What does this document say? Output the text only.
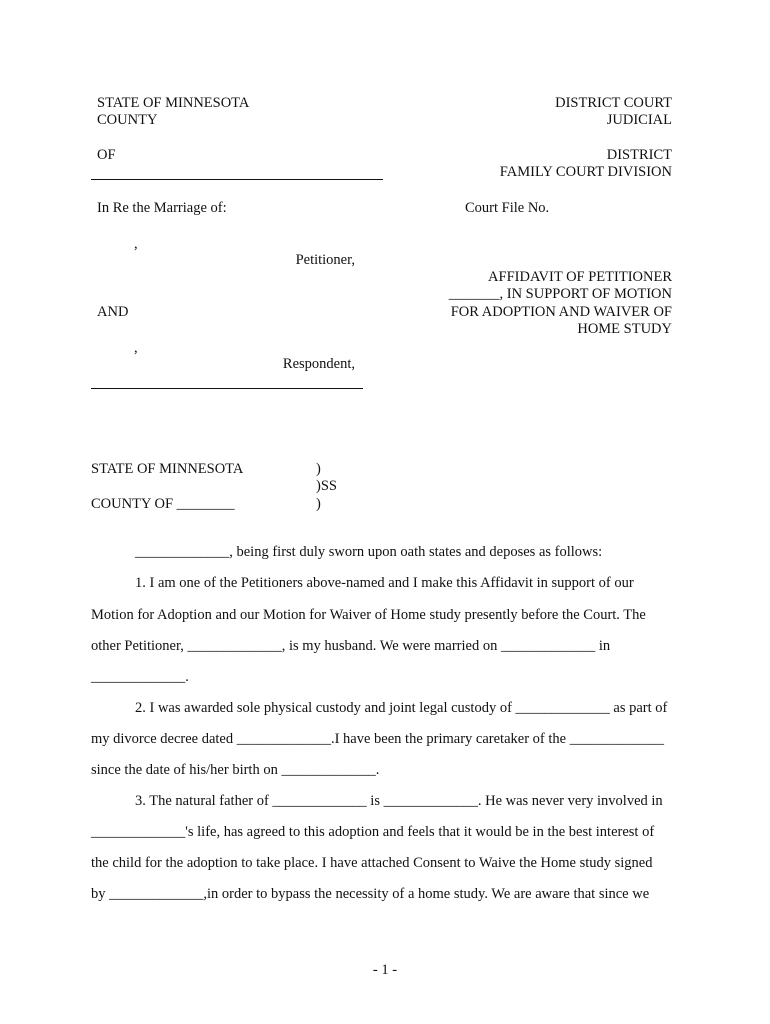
STATE OF MINNESOTA
COUNTY
OF
DISTRICT COURT
JUDICIAL
DISTRICT
FAMILY COURT DIVISION
In Re the Marriage of:	Court File No.
,
Petitioner,
AFFIDAVIT OF PETITIONER
_______, IN SUPPORT OF MOTION
FOR ADOPTION AND WAIVER OF
HOME STUDY
AND
,
Respondent,
STATE OF MINNESOTA
COUNTY OF ________
)
)SS
)
_____________, being first duly sworn upon oath states and deposes as follows:
1. I am one of the Petitioners above-named and I make this Affidavit in support of our
Motion for Adoption and our Motion for Waiver of Home study presently before the Court. The
other Petitioner, _____________, is my husband. We were married on _____________ in
_____________.
2. I was awarded sole physical custody and joint legal custody of _____________ as part of
my divorce decree dated _____________.I have been the primary caretaker of the _____________
since the date of his/her birth on _____________.
3. The natural father of _____________ is _____________. He was never very involved in
_____________'s life, has agreed to this adoption and feels that it would be in the best interest of
the child for the adoption to take place. I have attached Consent to Waive the Home study signed
by _____________,in order to bypass the necessity of a home study. We are aware that since we
- 1 -
